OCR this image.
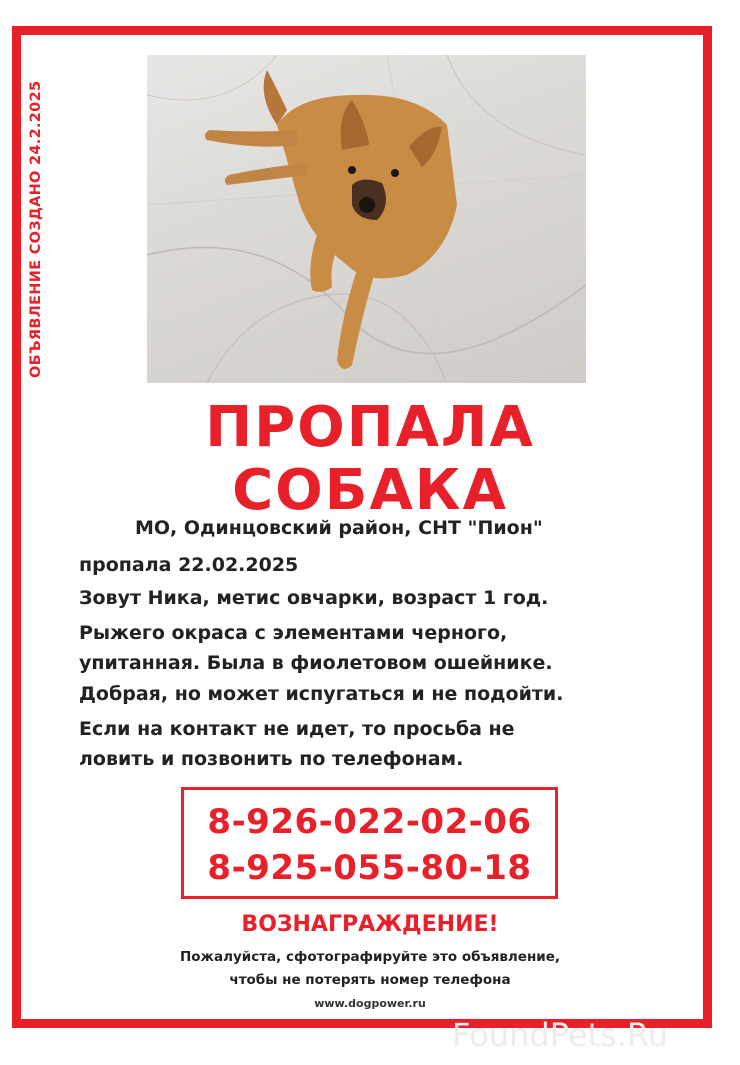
ОБЪЯВЛЕНИЕ СОЗДАНО 24.2.2025
ПРОПАЛА
СОБАКА
МО, Одинцовский район, СНТ "Пион"
пропала 22.02.2025
Зовут Ника, метис овчарки, возраст 1 год.
Рыжего окраса с элементами черного,
упитанная. Была в фиолетовом ошейнике.
Добрая, но может испугаться и не подойти.
Если на контакт не идет, то просьба не
ловить и позвонить по телефонам.
8-926-022-02-06
8-925-055-80-18
ВОЗНАГРАЖДЕНИЕ!
Пожалуйста, сфотографируйте это объявление,
чтобы не потерять номер телефона
www.dogpower.ru
FoundPets.Ru
